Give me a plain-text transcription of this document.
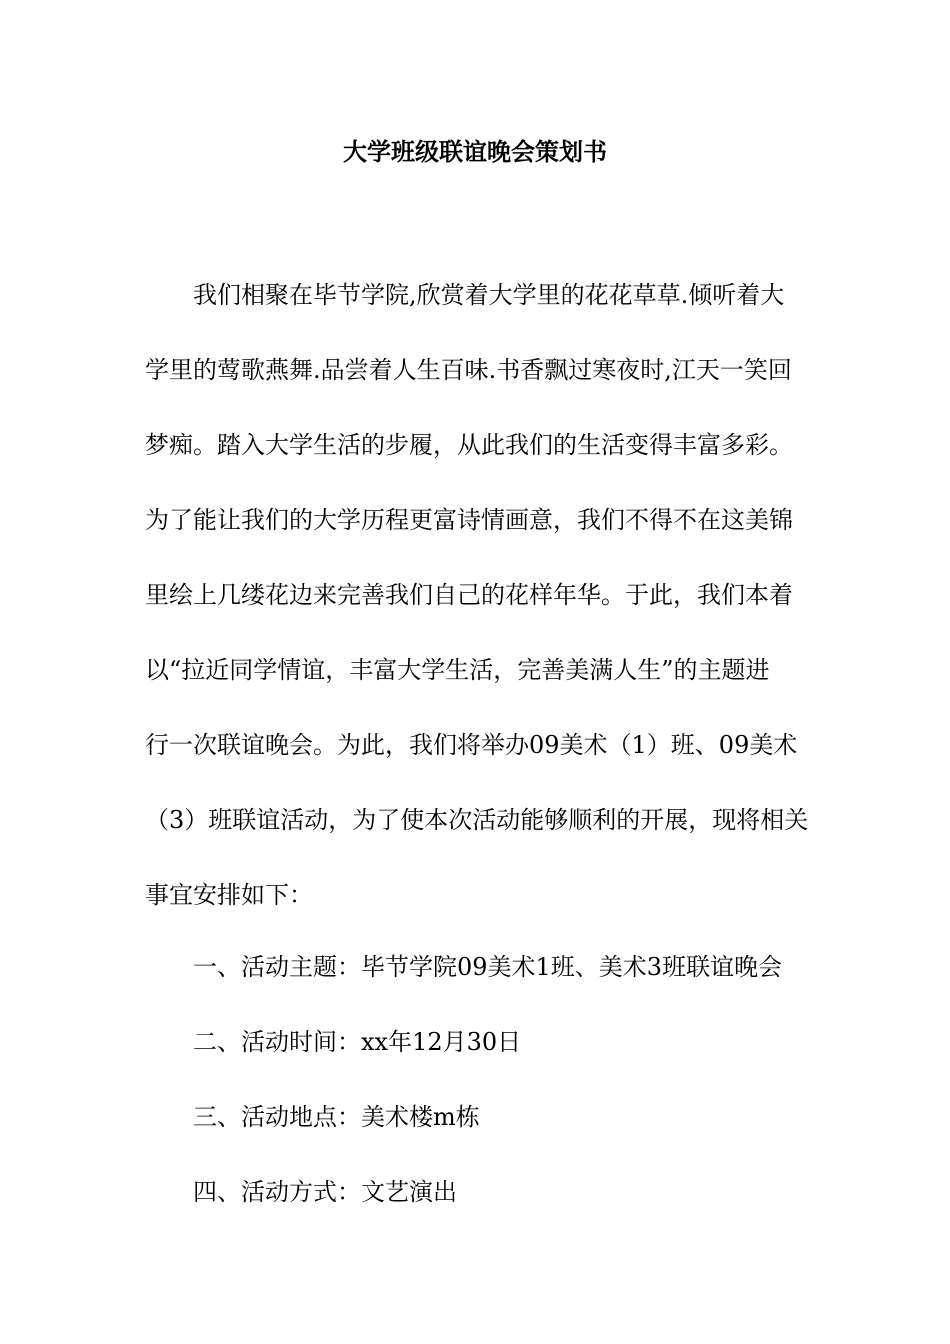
大学班级联谊晚会策划书
我们相聚在毕节学院,欣赏着大学里的花花草草.倾听着大
学里的莺歌燕舞.品尝着人生百味.书香飘过寒夜时,江天一笑回
梦痴。踏入大学生活的步履，从此我们的生活变得丰富多彩。
为了能让我们的大学历程更富诗情画意，我们不得不在这美锦
里绘上几缕花边来完善我们自己的花样年华。于此，我们本着
以“拉近同学情谊，丰富大学生活，完善美满人生”的主题进
行一次联谊晚会。为此，我们将举办09美术（1）班、09美术
（3）班联谊活动，为了使本次活动能够顺利的开展，现将相关
事宜安排如下：
一、活动主题：毕节学院09美术1班、美术3班联谊晚会
二、活动时间：xx年12月30日
三、活动地点：美术楼m栋
四、活动方式：文艺演出
